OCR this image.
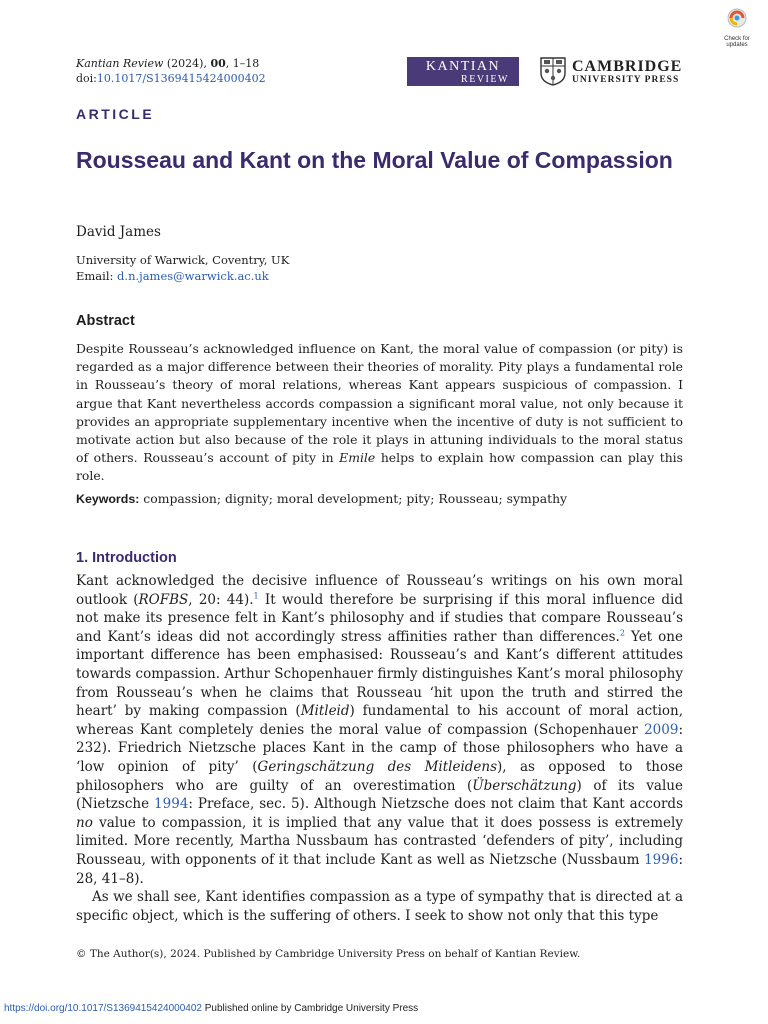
Kantian Review (2024), 00, 1–18
doi:10.1017/S1369415424000402
KANTIAN
REVIEW
CAMBRIDGE
UNIVERSITY PRESS
Check for updates
ARTICLE
Rousseau and Kant on the Moral Value of Compassion
David James
University of Warwick, Coventry, UK
Email: d.n.james@warwick.ac.uk
Abstract
Despite Rousseau’s acknowledged influence on Kant, the moral value of compassion (or pity) is regarded as a major difference between their theories of morality. Pity plays a fundamental role in Rousseau’s theory of moral relations, whereas Kant appears suspicious of compassion. I argue that Kant nevertheless accords compassion a significant moral value, not only because it provides an appropriate supplementary incentive when the incentive of duty is not sufficient to motivate action but also because of the role it plays in attuning individuals to the moral status of others. Rousseau’s account of pity in Emile helps to explain how compassion can play this role.
Keywords: compassion; dignity; moral development; pity; Rousseau; sympathy
1. Introduction

Kant acknowledged the decisive influence of Rousseau’s writings on his own moral outlook (ROFBS, 20: 44).$^1$ It would therefore be surprising if this moral influence did not make its presence felt in Kant’s philosophy and if studies that compare Rousseau’s and Kant’s ideas did not accordingly stress affinities rather than differences.$^2$ Yet one important difference has been emphasised: Rousseau’s and Kant’s different attitudes towards compassion. Arthur Schopenhauer firmly distinguishes Kant’s moral philosophy from Rousseau’s when he claims that Rousseau ‘hit upon the truth and stirred the heart’ by making compassion (Mitleid) fundamental to his account of moral action, whereas Kant completely denies the moral value of compassion (Schopenhauer 2009: 232). Friedrich Nietzsche places Kant in the camp of those philosophers who have a ‘low opinion of pity’ (Geringschätzung des Mitleidens), as opposed to those philosophers who are guilty of an overestimation (Überschätzung) of its value (Nietzsche 1994: Preface, sec. 5). Although Nietzsche does not claim that Kant accords no value to compassion, it is implied that any value that it does possess is extremely limited. More recently, Martha Nussbaum has contrasted ‘defenders of pity’, including Rousseau, with opponents of it that include Kant as well as Nietzsche (Nussbaum 1996: 28, 41–8).

As we shall see, Kant identifies compassion as a type of sympathy that is directed at a specific object, which is the suffering of others. I seek to show not only that this type

© The Author(s), 2024. Published by Cambridge University Press on behalf of Kantian Review.
https://doi.org/10.1017/S1369415424000402 Published online by Cambridge University Press
